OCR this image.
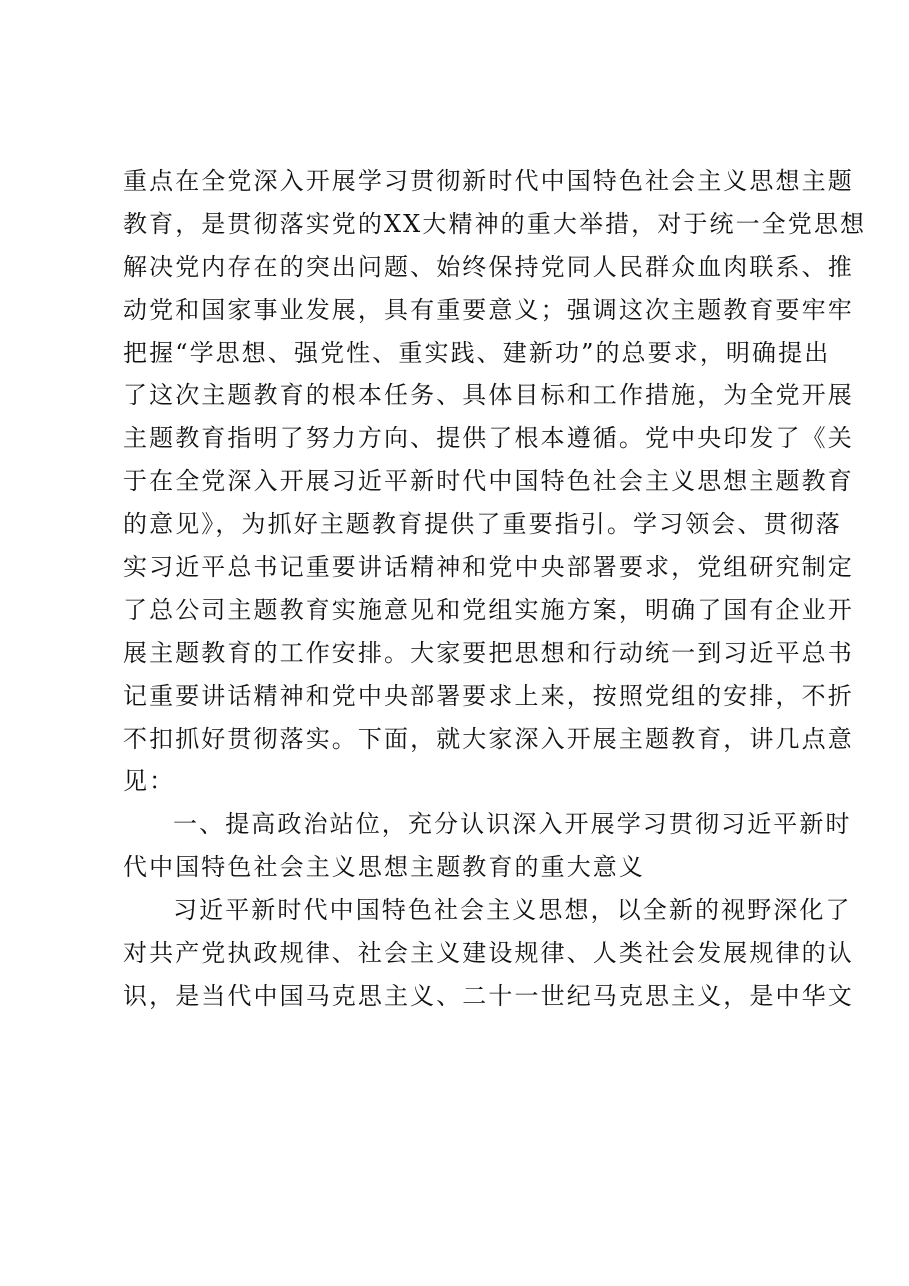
重点在全党深入开展学习贯彻新时代中国特色社会主义思想主题
教育，是贯彻落实党的XX大精神的重大举措，对于统一全党思想
解决党内存在的突出问题、始终保持党同人民群众血肉联系、推
动党和国家事业发展，具有重要意义；强调这次主题教育要牢牢
把握“学思想、强党性、重实践、建新功”的总要求，明确提出
了这次主题教育的根本任务、具体目标和工作措施，为全党开展
主题教育指明了努力方向、提供了根本遵循。党中央印发了《关
于在全党深入开展习近平新时代中国特色社会主义思想主题教育
的意见》，为抓好主题教育提供了重要指引。学习领会、贯彻落
实习近平总书记重要讲话精神和党中央部署要求，党组研究制定
了总公司主题教育实施意见和党组实施方案，明确了国有企业开
展主题教育的工作安排。大家要把思想和行动统一到习近平总书
记重要讲话精神和党中央部署要求上来，按照党组的安排，不折
不扣抓好贯彻落实。下面，就大家深入开展主题教育，讲几点意
见：
一、提高政治站位，充分认识深入开展学习贯彻习近平新时
代中国特色社会主义思想主题教育的重大意义
习近平新时代中国特色社会主义思想，以全新的视野深化了
对共产党执政规律、社会主义建设规律、人类社会发展规律的认
识，是当代中国马克思主义、二十一世纪马克思主义，是中华文
